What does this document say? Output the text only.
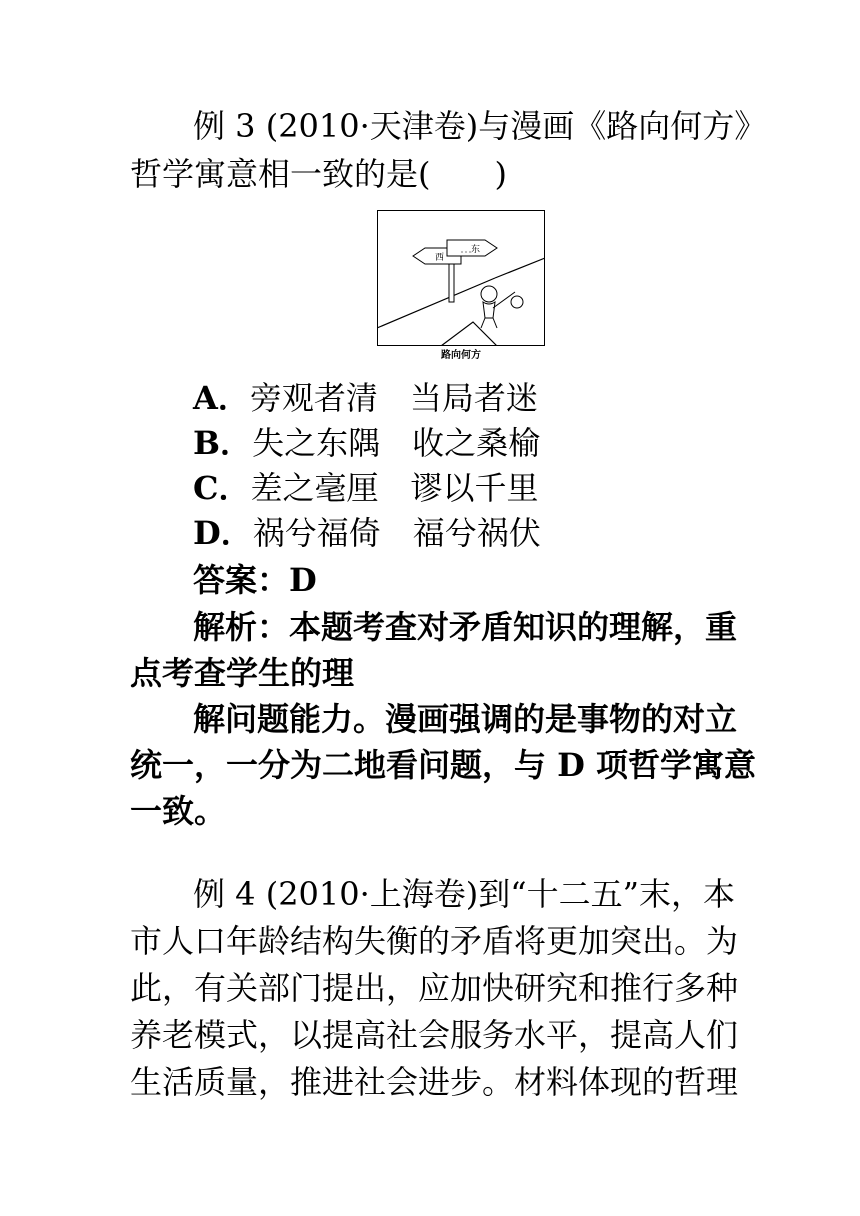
例 3 (2010·天津卷)与漫画《路向何方》
哲学寓意相一致的是(　　)
西
东
路向何方
A．旁观者清　当局者迷
B．失之东隅　收之桑榆
C．差之毫厘　谬以千里
D．祸兮福倚　福兮祸伏
答案：D
解析：本题考查对矛盾知识的理解，重
点考查学生的理
解问题能力。漫画强调的是事物的对立
统一，一分为二地看问题，与 D 项哲学寓意
一致。
例 4 (2010·上海卷)到“十二五”末，本
市人口年龄结构失衡的矛盾将更加突出。为
此，有关部门提出，应加快研究和推行多种
养老模式，以提高社会服务水平，提高人们
生活质量，推进社会进步。材料体现的哲理
